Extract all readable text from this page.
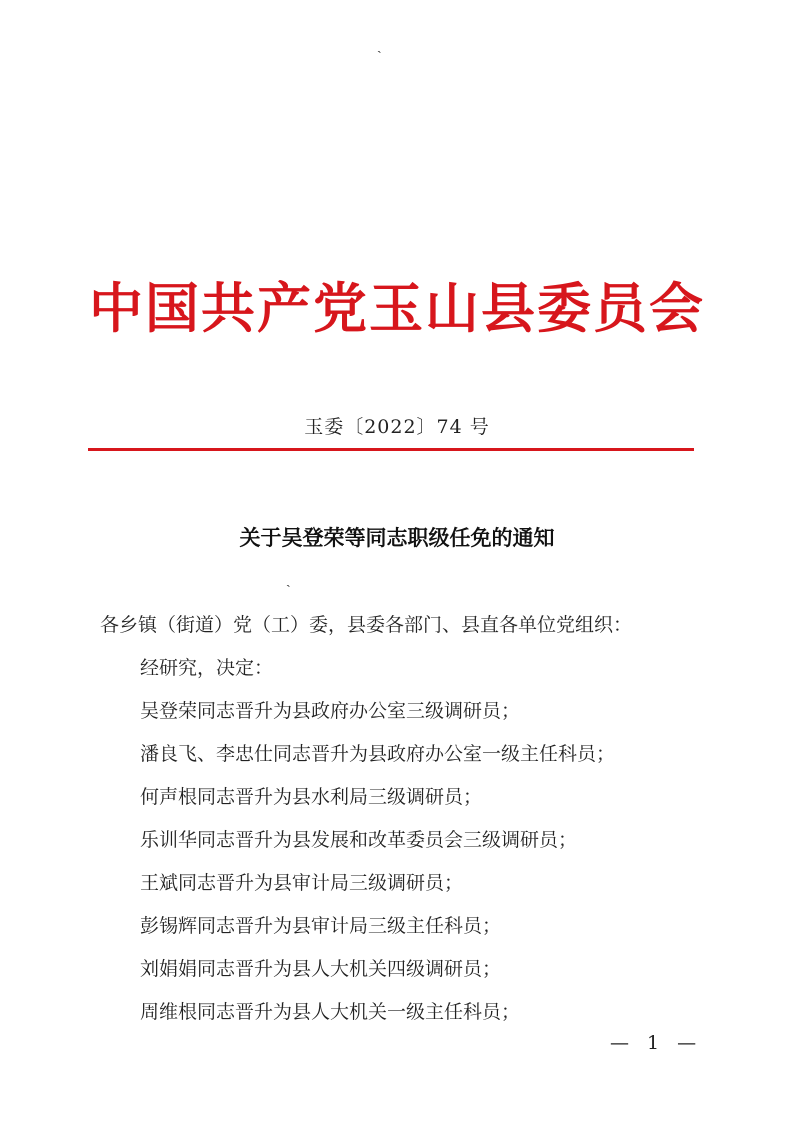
ˎ
ˎ
中国共产党玉山县委员会
玉委〔2022〕74 号
关于吴登荣等同志职级任免的通知

各乡镇（街道）党（工）委，县委各部门、县直各单位党组织：

经研究，决定：

吴登荣同志晋升为县政府办公室三级调研员；

潘良飞、李忠仕同志晋升为县政府办公室一级主任科员；

何声根同志晋升为县水利局三级调研员；

乐训华同志晋升为县发展和改革委员会三级调研员；

王斌同志晋升为县审计局三级调研员；

彭锡辉同志晋升为县审计局三级主任科员；

刘娟娟同志晋升为县人大机关四级调研员；

周维根同志晋升为县人大机关一级主任科员；

— 1 —
